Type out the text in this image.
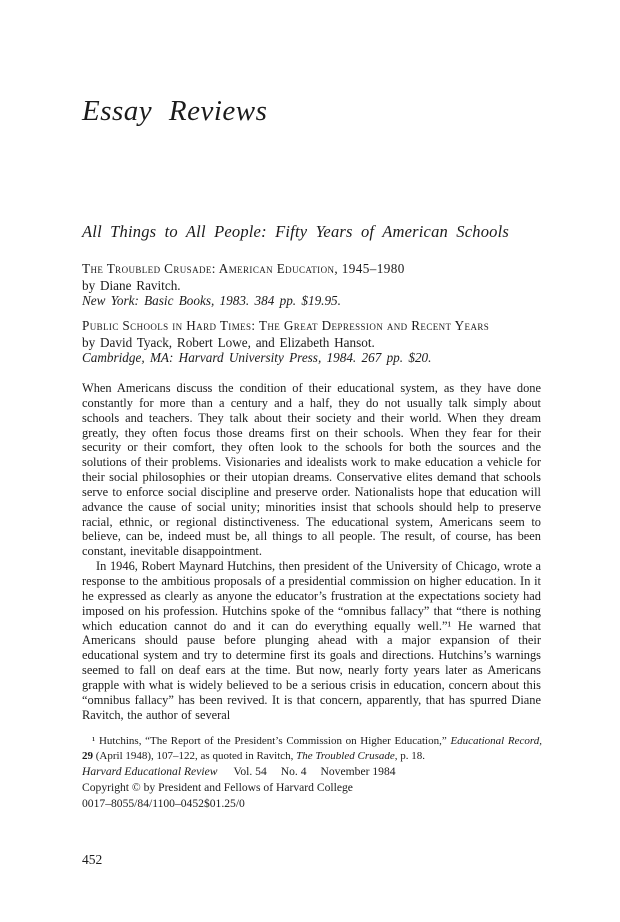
Essay Reviews
All Things to All People: Fifty Years of American Schools
The Troubled Crusade: American Education, 1945–1980
by Diane Ravitch.
New York: Basic Books, 1983. 384 pp. $19.95.
Public Schools in Hard Times: The Great Depression and Recent Years
by David Tyack, Robert Lowe, and Elizabeth Hansot.
Cambridge, MA: Harvard University Press, 1984. 267 pp. $20.

When Americans discuss the condition of their educational system, as they have done constantly for more than a century and a half, they do not usually talk simply about schools and teachers. They talk about their society and their world. When they dream greatly, they often focus those dreams first on their schools. When they fear for their security or their comfort, they often look to the schools for both the sources and the solutions of their problems. Visionaries and idealists work to make education a vehicle for their social philosophies or their utopian dreams. Conservative elites demand that schools serve to enforce social discipline and preserve order. Nationalists hope that education will advance the cause of social unity; minorities insist that schools should help to preserve racial, ethnic, or regional distinctiveness. The educational system, Americans seem to believe, can be, indeed must be, all things to all people. The result, of course, has been constant, inevitable disappointment.

In 1946, Robert Maynard Hutchins, then president of the University of Chicago, wrote a response to the ambitious proposals of a presidential commission on higher education. In it he expressed as clearly as anyone the educator’s frustration at the expectations society had imposed on his profession. Hutchins spoke of the “omnibus fallacy” that “there is nothing which education cannot do and it can do everything equally well.”¹ He warned that Americans should pause before plunging ahead with a major expansion of their educational system and try to determine first its goals and directions. Hutchins’s warnings seemed to fall on deaf ears at the time. But now, nearly forty years later as Americans grapple with what is widely believed to be a serious crisis in education, concern about this “omnibus fallacy” has been revived. It is that concern, apparently, that has spurred Diane Ravitch, the author of several

¹ Hutchins, “The Report of the President’s Commission on Higher Education,” Educational Record, 29 (April 1948), 107–122, as quoted in Ravitch, The Troubled Crusade, p. 18.
Harvard Educational Review Vol. 54 No. 4 November 1984
Copyright © by President and Fellows of Harvard College
0017–8055/84/1100–0452$01.25/0
452
